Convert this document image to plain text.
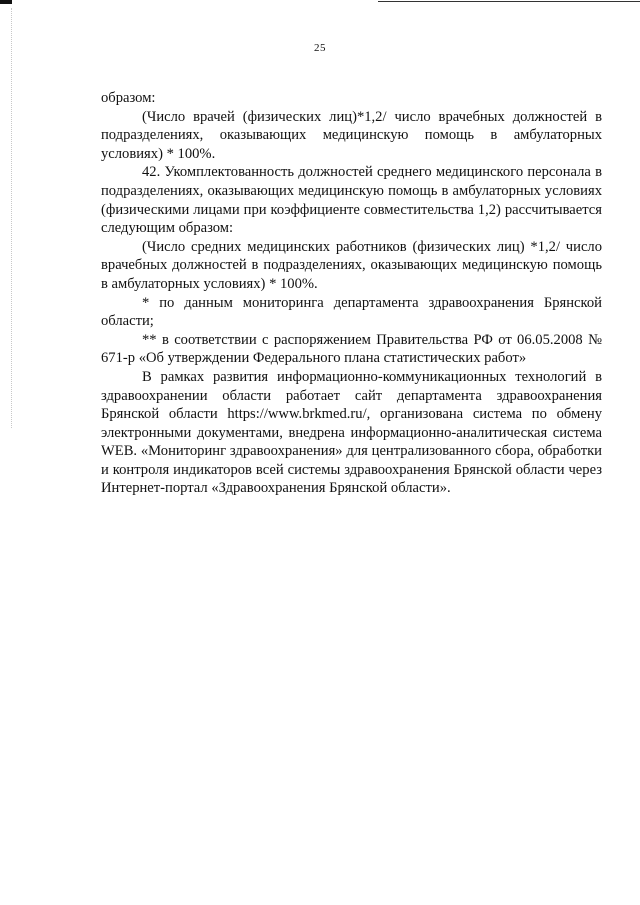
25

образом:

(Число врачей (физических лиц)*1,2/ число врачебных должностей в подразделениях, оказывающих медицинскую помощь в амбулаторных условиях) * 100%.

42. Укомплектованность должностей среднего медицинского персонала в подразделениях, оказывающих медицинскую помощь в амбулаторных условиях (физическими лицами при коэффициенте совместительства 1,2) рассчитывается следующим образом:

(Число средних медицинских работников (физических лиц) *1,2/ число врачебных должностей в подразделениях, оказывающих медицинскую помощь в амбулаторных условиях) * 100%.

* по данным мониторинга департамента здравоохранения Брянской области;

** в соответствии с распоряжением Правительства РФ от 06.05.2008 № 671-р «Об утверждении Федерального плана статистических работ»

В рамках развития информационно-коммуникационных технологий в здравоохранении области работает сайт департамента здравоохранения Брянской области https://www.brkmed.ru/, организована система по обмену электронными документами, внедрена информационно-аналитическая система WEB. «Мониторинг здравоохранения» для централизованного сбора, обработки и контроля индикаторов всей системы здравоохранения Брянской области через Интернет-портал «Здравоохранения Брянской области».
